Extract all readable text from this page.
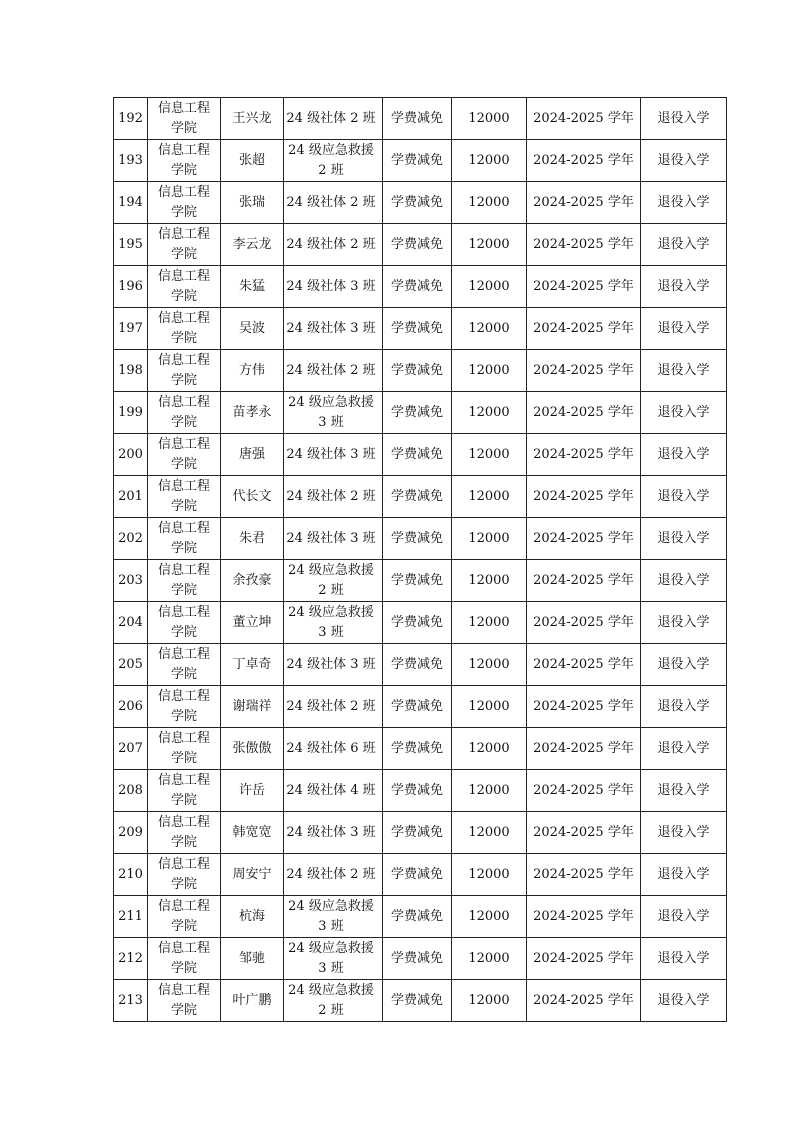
192	信息工程学院	王兴龙	24 级社体 2 班	学费减免	12000	2024-2025 学年	退役入学
193	信息工程学院	张超	24 级应急救援 2 班	学费减免	12000	2024-2025 学年	退役入学
194	信息工程学院	张瑞	24 级社体 2 班	学费减免	12000	2024-2025 学年	退役入学
195	信息工程学院	李云龙	24 级社体 2 班	学费减免	12000	2024-2025 学年	退役入学
196	信息工程学院	朱猛	24 级社体 3 班	学费减免	12000	2024-2025 学年	退役入学
197	信息工程学院	吴波	24 级社体 3 班	学费减免	12000	2024-2025 学年	退役入学
198	信息工程学院	方伟	24 级社体 2 班	学费减免	12000	2024-2025 学年	退役入学
199	信息工程学院	苗孝永	24 级应急救援 3 班	学费减免	12000	2024-2025 学年	退役入学
200	信息工程学院	唐强	24 级社体 3 班	学费减免	12000	2024-2025 学年	退役入学
201	信息工程学院	代长文	24 级社体 2 班	学费减免	12000	2024-2025 学年	退役入学
202	信息工程学院	朱君	24 级社体 3 班	学费减免	12000	2024-2025 学年	退役入学
203	信息工程学院	余孜豪	24 级应急救援 2 班	学费减免	12000	2024-2025 学年	退役入学
204	信息工程学院	董立坤	24 级应急救援 3 班	学费减免	12000	2024-2025 学年	退役入学
205	信息工程学院	丁卓奇	24 级社体 3 班	学费减免	12000	2024-2025 学年	退役入学
206	信息工程学院	谢瑞祥	24 级社体 2 班	学费减免	12000	2024-2025 学年	退役入学
207	信息工程学院	张傲傲	24 级社体 6 班	学费减免	12000	2024-2025 学年	退役入学
208	信息工程学院	许岳	24 级社体 4 班	学费减免	12000	2024-2025 学年	退役入学
209	信息工程学院	韩宽宽	24 级社体 3 班	学费减免	12000	2024-2025 学年	退役入学
210	信息工程学院	周安宁	24 级社体 2 班	学费减免	12000	2024-2025 学年	退役入学
211	信息工程学院	杭海	24 级应急救援 3 班	学费减免	12000	2024-2025 学年	退役入学
212	信息工程学院	邹驰	24 级应急救援 3 班	学费减免	12000	2024-2025 学年	退役入学
213	信息工程学院	叶广鹏	24 级应急救援 2 班	学费减免	12000	2024-2025 学年	退役入学
